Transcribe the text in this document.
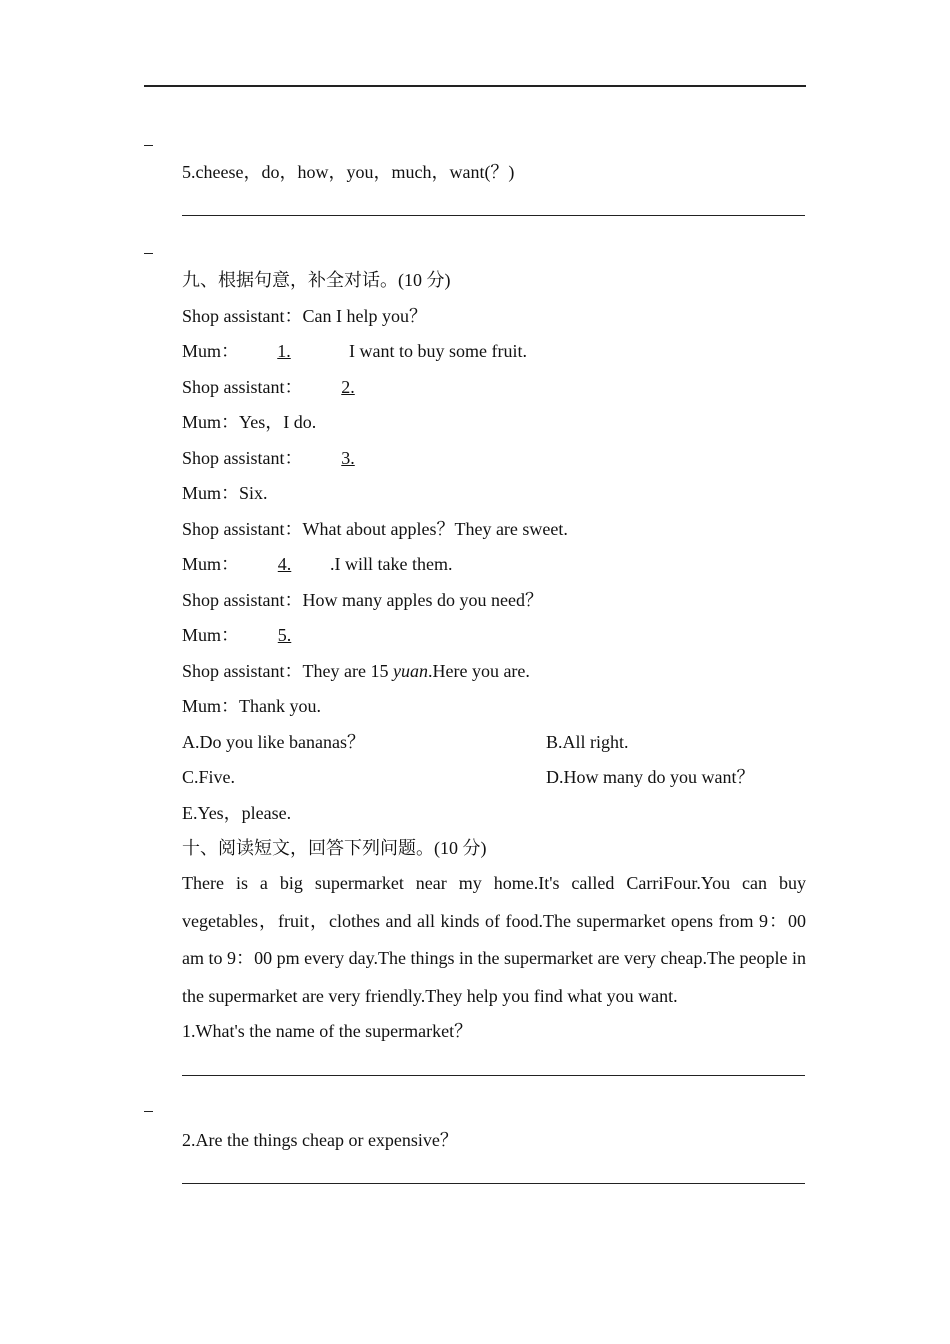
5.cheese，do，how，you，much，want(？)
九、根据句意，补全对话。(10 分)
Shop assistant：Can I help you？
Mum： 1.	I want to buy some fruit.
Shop assistant： 2.
Mum：Yes，I do.
Shop assistant： 3.
Mum：Six.
Shop assistant：What about apples？They are sweet.
Mum： 4. .I will take them.
Shop assistant：How many apples do you need？
Mum： 5.
Shop assistant：They are 15 yuan.Here you are.
Mum：Thank you.
A.Do you like bananas？	B.All right.
C.Five.	D.How many do you want？
E.Yes，please.
十、阅读短文，回答下列问题。(10 分)
There is a big supermarket near my home.It's called CarriFour.You can buy vegetables，fruit，clothes and all kinds of food.The supermarket opens from 9：00 am to 9：00 pm every day.The things in the supermarket are very cheap.The people in the supermarket are very friendly.They help you find what you want.
1.What's the name of the supermarket？
2.Are the things cheap or expensive？
